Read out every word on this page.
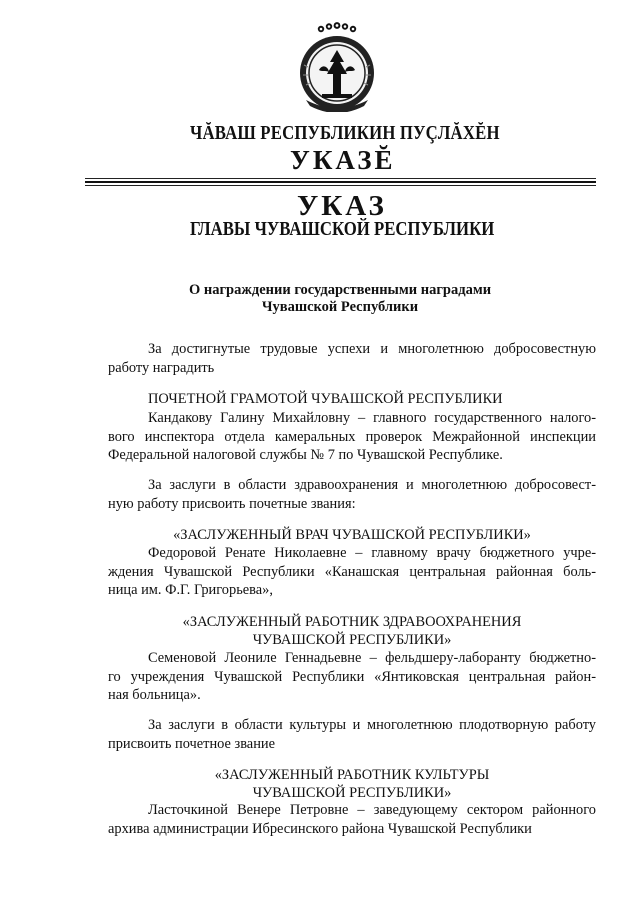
ЧĂВАШ РЕСПУБЛИКИН ПУÇЛĂХĔН
УКАЗĔ
УКАЗ
ГЛАВЫ ЧУВАШСКОЙ РЕСПУБЛИКИ
О награждении государственными наградами
Чувашской Республики
За достигнутые трудовые успехи и многолетнюю добросовестную
работу наградить
ПОЧЕТНОЙ ГРАМОТОЙ ЧУВАШСКОЙ РЕСПУБЛИКИ
Кандакову Галину Михайловну – главного государственного налого-
вого инспектора отдела камеральных проверок Межрайонной инспекции
Федеральной налоговой службы № 7 по Чувашской Республике.
За заслуги в области здравоохранения и многолетнюю добросовест-
ную работу присвоить почетные звания:
«ЗАСЛУЖЕННЫЙ ВРАЧ ЧУВАШСКОЙ РЕСПУБЛИКИ»
Федоровой Ренате Николаевне – главному врачу бюджетного учре-
ждения Чувашской Республики «Канашская центральная районная боль-
ница им. Ф.Г. Григорьева»,
«ЗАСЛУЖЕННЫЙ РАБОТНИК ЗДРАВООХРАНЕНИЯ
ЧУВАШСКОЙ РЕСПУБЛИКИ»
Семеновой Леониле Геннадьевне – фельдшеру-лаборанту бюджетно-
го учреждения Чувашской Республики «Янтиковская центральная район-
ная больница».
За заслуги в области культуры и многолетнюю плодотворную работу
присвоить почетное звание
«ЗАСЛУЖЕННЫЙ РАБОТНИК КУЛЬТУРЫ
ЧУВАШСКОЙ РЕСПУБЛИКИ»
Ласточкиной Венере Петровне – заведующему сектором районного
архива администрации Ибресинского района Чувашской Республики
